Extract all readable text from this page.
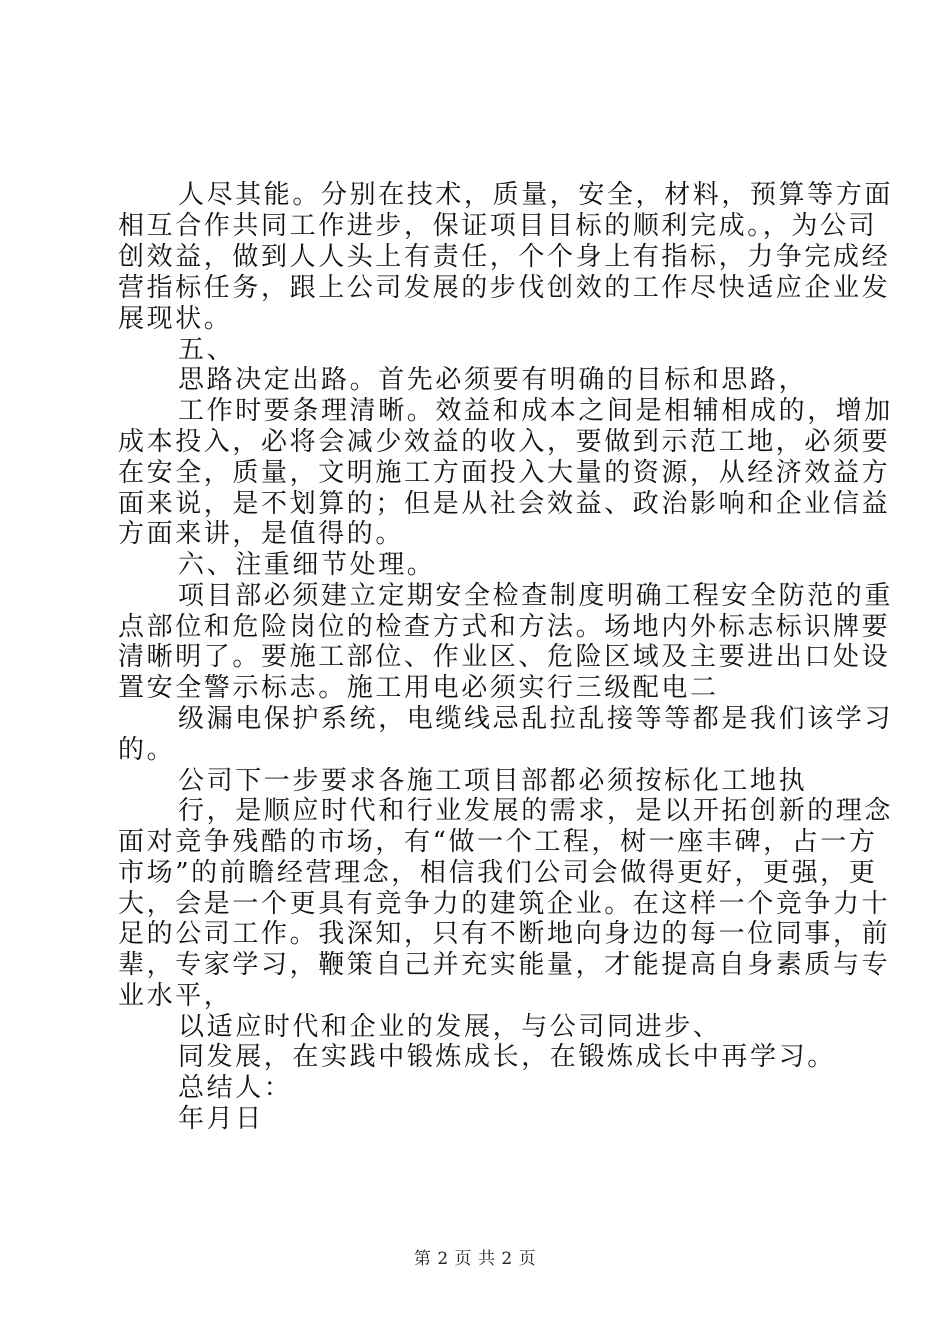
人尽其能。分别在技术，质量，安全，材料，预算等方面
相互合作共同工作进步，保证项目目标的顺利完成。，为公司
创效益，做到人人头上有责任，个个身上有指标，力争完成经
营指标任务，跟上公司发展的步伐创效的工作尽快适应企业发
展现状。
五、
思路决定出路。首先必须要有明确的目标和思路，
工作时要条理清晰。效益和成本之间是相辅相成的，增加
成本投入，必将会减少效益的收入，要做到示范工地，必须要
在安全，质量，文明施工方面投入大量的资源，从经济效益方
面来说，是不划算的；但是从社会效益、政治影响和企业信益
方面来讲，是值得的。
六、注重细节处理。
项目部必须建立定期安全检查制度明确工程安全防范的重
点部位和危险岗位的检查方式和方法。场地内外标志标识牌要
清晰明了。要施工部位、作业区、危险区域及主要进出口处设
置安全警示标志。施工用电必须实行三级配电二
级漏电保护系统，电缆线忌乱拉乱接等等都是我们该学习
的。
公司下一步要求各施工项目部都必须按标化工地执
行，是顺应时代和行业发展的需求，是以开拓创新的理念
面对竞争残酷的市场，有“做一个工程，树一座丰碑，占一方
市场”的前瞻经营理念，相信我们公司会做得更好，更强，更
大，会是一个更具有竞争力的建筑企业。在这样一个竞争力十
足的公司工作。我深知，只有不断地向身边的每一位同事，前
辈，专家学习，鞭策自己并充实能量，才能提高自身素质与专
业水平，
以适应时代和企业的发展，与公司同进步、
同发展，在实践中锻炼成长，在锻炼成长中再学习。
总结人：
年月日
第 2 页 共 2 页
